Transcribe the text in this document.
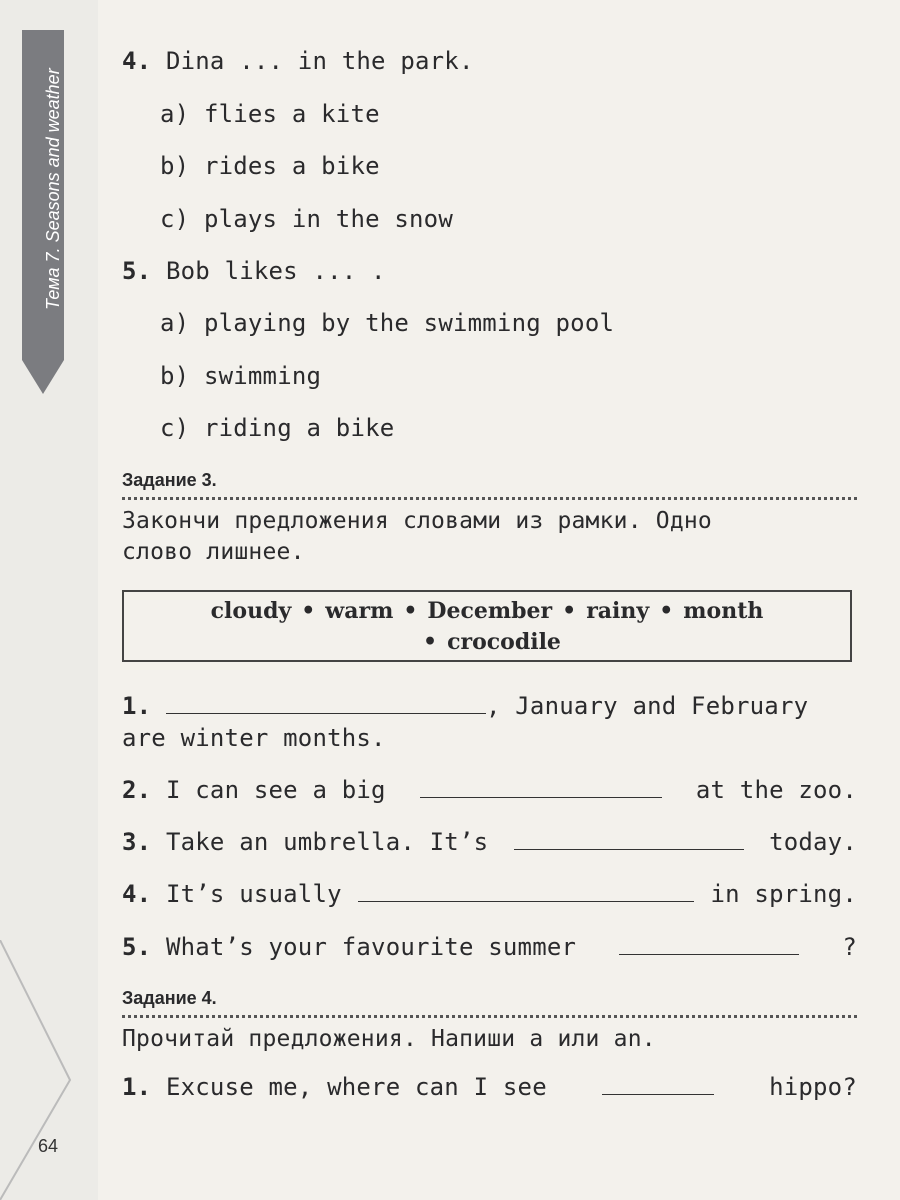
Тема 7. Seasons and weather
64
4. Dina ... in the park.
a) flies a kite
b) rides a bike
c) plays in the snow
5. Bob likes ... .
a) playing by the swimming pool
b) swimming
c) riding a bike
Задание 3.
Закончи предложения словами из рамки. Одно
слово лишнее.
cloudy • warm • December • rainy • month
• crocodile
1.	, January and February
are winter months.
2. I can see a big	at the zoo.
3. Take an umbrella. It’s	today.
4. It’s usually	in spring.
5. What’s your favourite summer	?
Задание 4.
Прочитай предложения. Напиши a или an.
1. Excuse me, where can I see	hippo?
